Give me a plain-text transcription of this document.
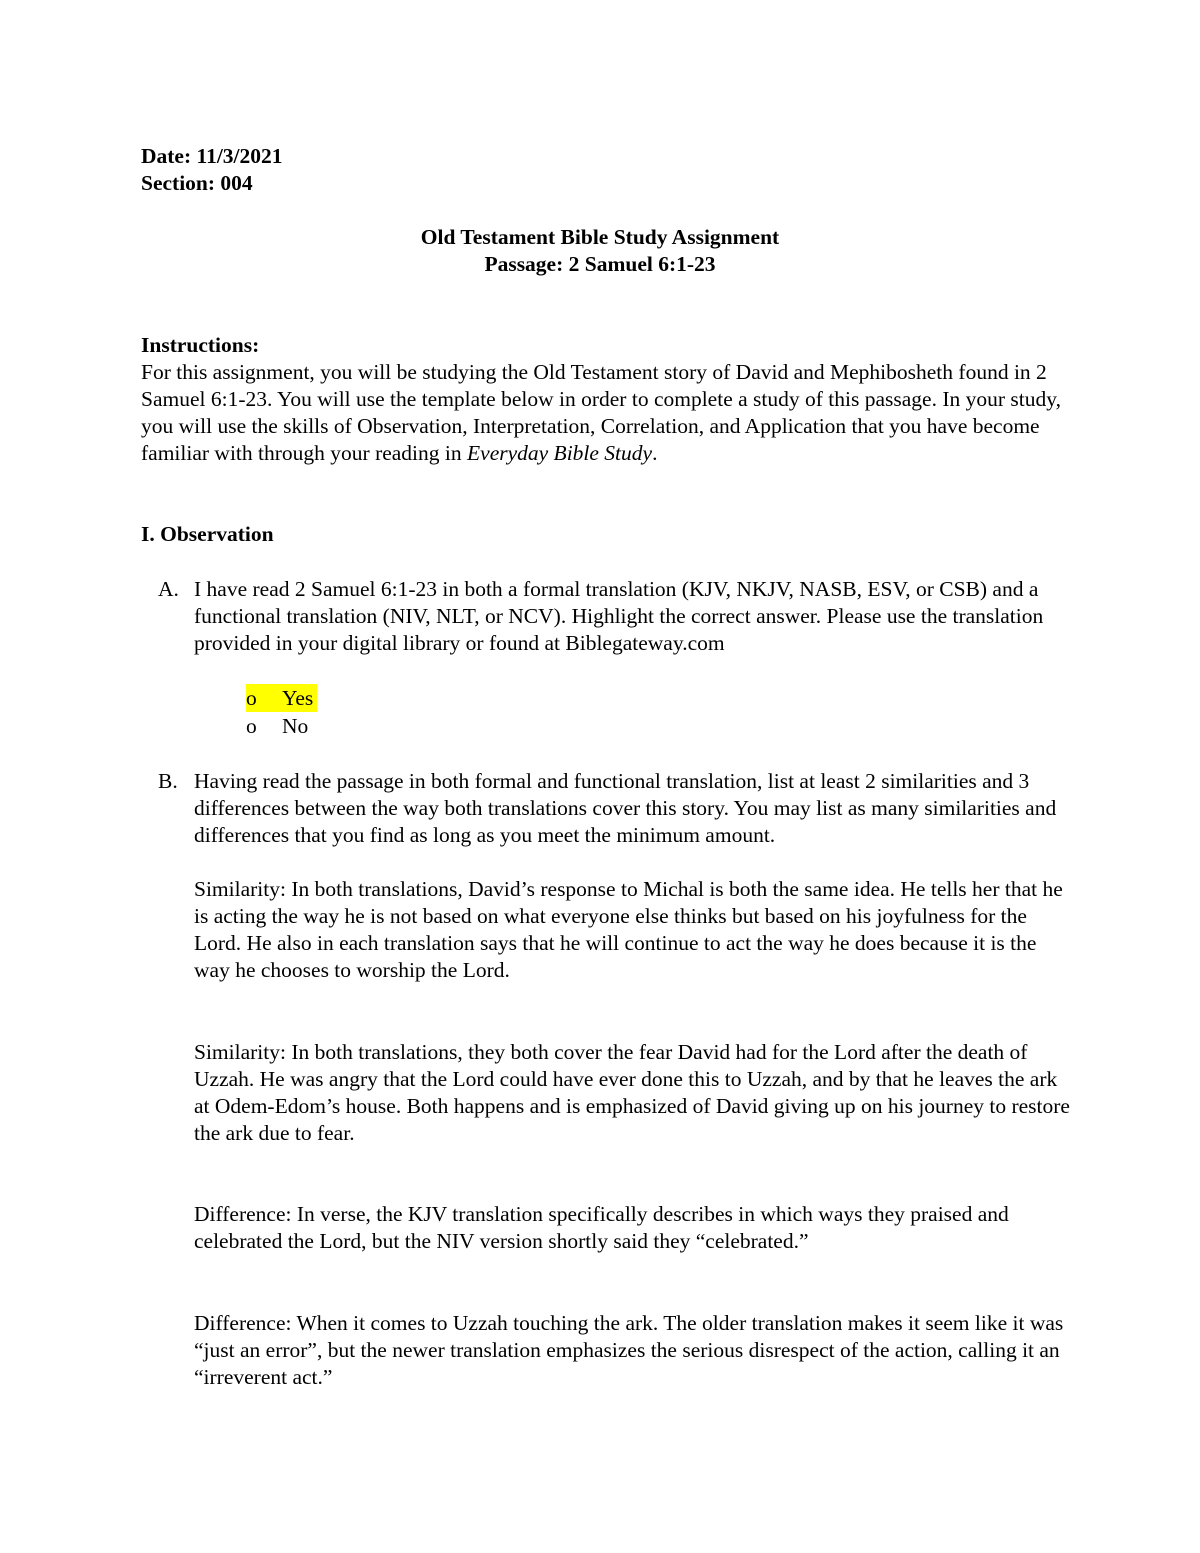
Date: 11/3/2021
Section: 004
Old Testament Bible Study Assignment
Passage: 2 Samuel 6:1-23
Instructions:

For this assignment, you will be studying the Old Testament story of David and Mephibosheth found in 2 Samuel 6:1-23. You will use the template below in order to complete a study of this passage. In your study, you will use the skills of Observation, Interpretation, Correlation, and Application that you have become familiar with through your reading in Everyday Bible Study.

I. Observation
A. I have read 2 Samuel 6:1-23 in both a formal translation (KJV, NKJV, NASB, ESV, or CSB) and a functional translation (NIV, NLT, or NCV). Highlight the correct answer. Please use the translation provided in your digital library or found at Biblegateway.com

o	Yes
o	No
B. Having read the passage in both formal and functional translation, list at least 2 similarities and 3 differences between the way both translations cover this story. You may list as many similarities and differences that you find as long as you meet the minimum amount.

Similarity: In both translations, David’s response to Michal is both the same idea. He tells her that he is acting the way he is not based on what everyone else thinks but based on his joyfulness for the Lord. He also in each translation says that he will continue to act the way he does because it is the way he chooses to worship the Lord.

Similarity: In both translations, they both cover the fear David had for the Lord after the death of Uzzah. He was angry that the Lord could have ever done this to Uzzah, and by that he leaves the ark at Odem-Edom’s house. Both happens and is emphasized of David giving up on his journey to restore the ark due to fear.

Difference: In verse, the KJV translation specifically describes in which ways they praised and celebrated the Lord, but the NIV version shortly said they “celebrated.”

Difference: When it comes to Uzzah touching the ark. The older translation makes it seem like it was “just an error”, but the newer translation emphasizes the serious disrespect of the action, calling it an “irreverent act.”
